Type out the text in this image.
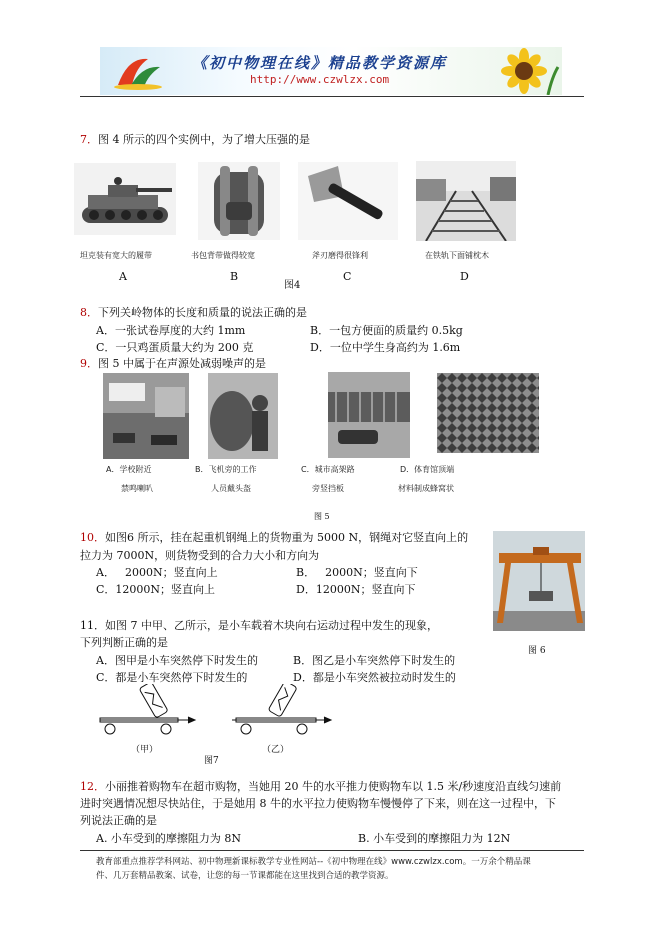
《初中物理在线》精品教学资源库
http://www.czwlzx.com
7．图 4 所示的四个实例中，为了增大压强的是
坦克装有宽大的履带	书包背带做得较宽	斧刃磨得很锋利	在铁轨下面铺枕木
A	B	C	D
图4
8．下列关岭物体的长度和质量的说法正确的是
A．一张试卷厚度的大约 1mm	B．一包方便面的质量约 0.5kg
C．一只鸡蛋质量大约为 200 克	D．一位中学生身高约为 1.6m
9．图 5 中属于在声源处减弱噪声的是
A．学校附近	B．飞机旁的工作	C．城市高架路	D．体育馆顶端
禁鸣喇叭	人员戴头盔	旁竖挡板	材料制成蜂窝状
图 5
10．如图6 所示，挂在起重机钢绳上的货物重为 5000 N，钢绳对它竖直向上的
拉力为 7000N，则货物受到的合力大小和方向为
A． 2000N；竖直向上	B． 2000N；竖直向下
C．12000N；竖直向上	D．12000N；竖直向下
图 6
11．如图 7 中甲、乙所示，是小车载着木块向右运动过程中发生的现象，
下列判断正确的是
A．图甲是小车突然停下时发生的	B．图乙是小车突然停下时发生的
C．都是小车突然停下时发生的	D．都是小车突然被拉动时发生的
（甲）	（乙）
图7
12．小丽推着购物车在超市购物，当她用 20 牛的水平推力使购物车以 1.5 米/秒速度沿直线匀速前
进时突遇情况想尽快站住，于是她用 8 牛的水平拉力使购物车慢慢停了下来，则在这一过程中，下
列说法正确的是
A. 小车受到的摩擦阻力为 8N	B. 小车受到的摩擦阻力为 12N
教育部重点推荐学科网站、初中物理新课标教学专业性网站--《初中物理在线》www.czwlzx.com。一万余个精品课
件、几万套精品教案、试卷，让您的每一节课都能在这里找到合适的教学资源。
